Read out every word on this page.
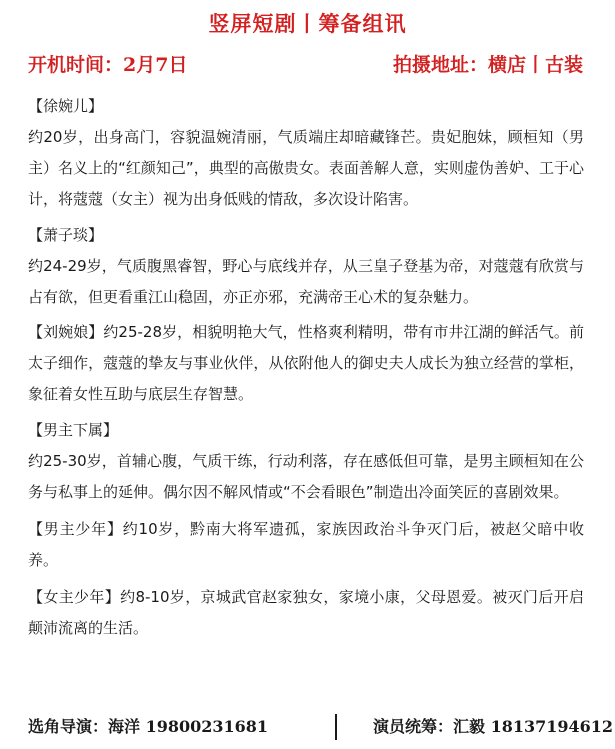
竖屏短剧丨筹备组讯
开机时间：2月7日	拍摄地址：横店丨古装
【徐婉儿】

约20岁，出身高门，容貌温婉清丽，气质端庄却暗藏锋芒。贵妃胞妹，顾桓知（男主）名义上的“红颜知己”，典型的高傲贵女。表面善解人意，实则虚伪善妒、工于心计，将蔻蔻（女主）视为出身低贱的情敌，多次设计陷害。

【萧子琰】

约24-29岁，气质腹黑睿智，野心与底线并存，从三皇子登基为帝，对蔻蔻有欣赏与占有欲，但更看重江山稳固，亦正亦邪，充满帝王心术的复杂魅力。

【刘婉娘】约25-28岁，相貌明艳大气，性格爽利精明，带有市井江湖的鲜活气。前太子细作，蔻蔻的挚友与事业伙伴，从依附他人的御史夫人成长为独立经营的掌柜，象征着女性互助与底层生存智慧。

【男主下属】

约25-30岁，首辅心腹，气质干练，行动利落，存在感低但可靠，是男主顾桓知在公务与私事上的延伸。偶尔因不解风情或“不会看眼色”制造出冷面笑匠的喜剧效果。

【男主少年】约10岁，黔南大将军遗孤，家族因政治斗争灭门后，被赵父暗中收养。

【女主少年】约8-10岁，京城武官赵家独女，家境小康，父母恩爱。被灭门后开启颠沛流离的生活。

选角导演：海洋 19800231681	演员统筹：汇毅 18137194612
